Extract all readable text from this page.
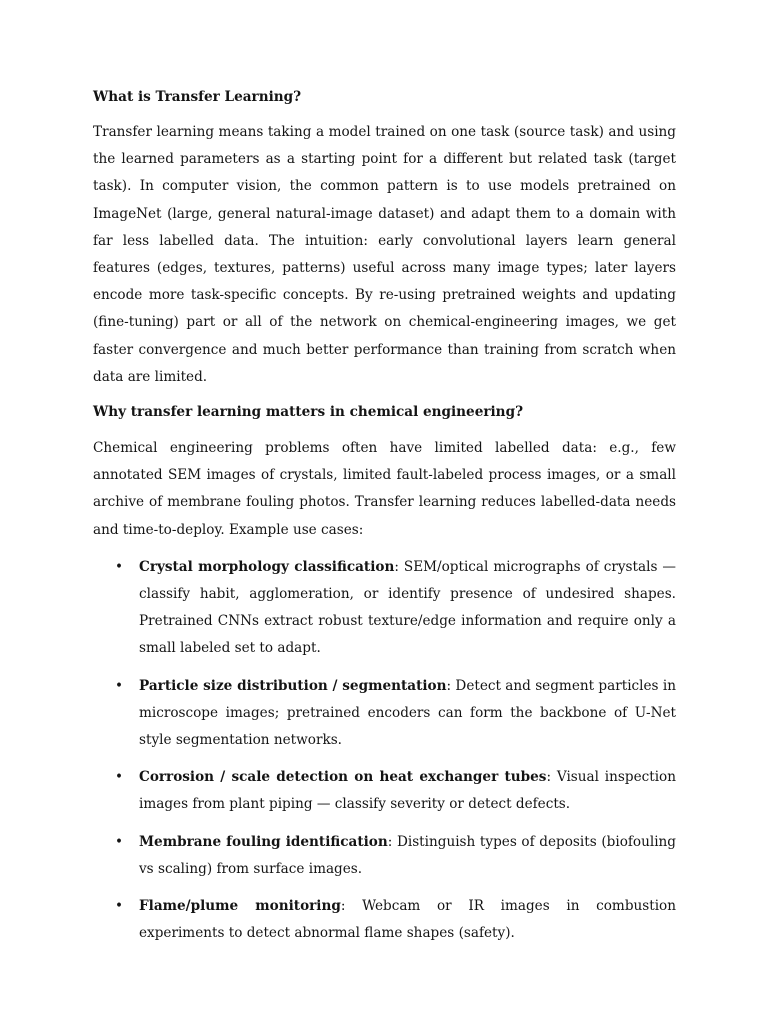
What is Transfer Learning?

Transfer learning means taking a model trained on one task (source task) and using the learned parameters as a starting point for a different but related task (target task). In computer vision, the common pattern is to use models pretrained on ImageNet (large, general natural-image dataset) and adapt them to a domain with far less labelled data. The intuition: early convolutional layers learn general features (edges, textures, patterns) useful across many image types; later layers encode more task-specific concepts. By re-using pretrained weights and updating (fine-tuning) part or all of the network on chemical-engineering images, we get faster convergence and much better performance than training from scratch when data are limited.

Why transfer learning matters in chemical engineering?

Chemical engineering problems often have limited labelled data: e.g., few annotated SEM images of crystals, limited fault-labeled process images, or a small archive of membrane fouling photos. Transfer learning reduces labelled-data needs and time-to-deploy. Example use cases:

• Crystal morphology classification: SEM/optical micrographs of crystals — classify habit, agglomeration, or identify presence of undesired shapes. Pretrained CNNs extract robust texture/edge information and require only a small labeled set to adapt.
• Particle size distribution / segmentation: Detect and segment particles in microscope images; pretrained encoders can form the backbone of U-Net style segmentation networks.
• Corrosion / scale detection on heat exchanger tubes: Visual inspection images from plant piping — classify severity or detect defects.
• Membrane fouling identification: Distinguish types of deposits (biofouling vs scaling) from surface images.
• Flame/plume monitoring: Webcam or IR images in combustion experiments to detect abnormal flame shapes (safety).
